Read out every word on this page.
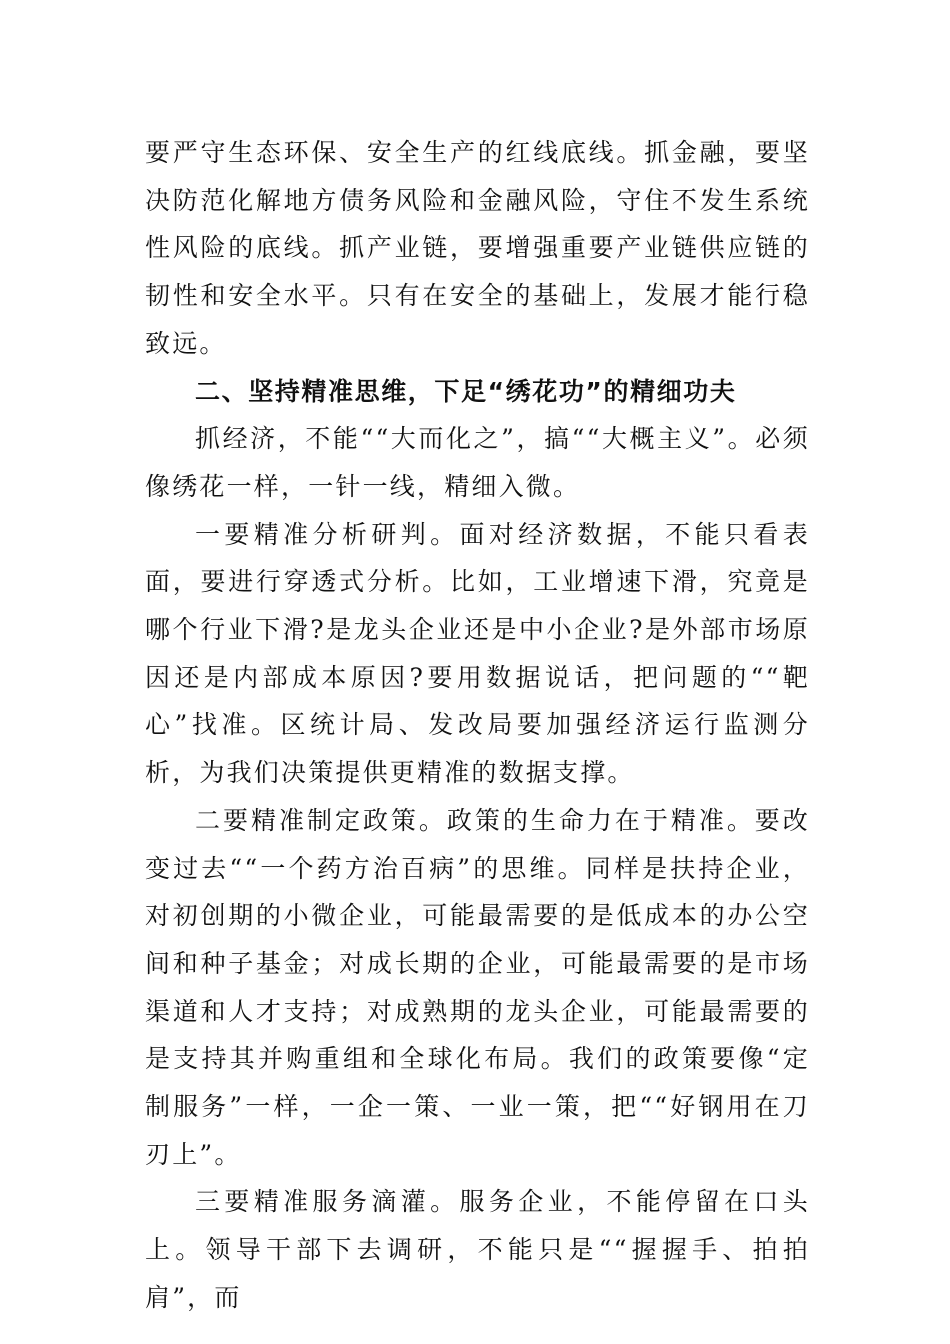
要严守生态环保、安全生产的红线底线。抓金融，要坚决防范化解地方债务风险和金融风险，守住不发生系统性风险的底线。抓产业链，要增强重要产业链供应链的韧性和安全水平。只有在安全的基础上，发展才能行稳致远。

二、坚持精准思维，下足“绣花功”的精细功夫

抓经济，不能““大而化之”，搞““大概主义”。必须像绣花一样，一针一线，精细入微。

一要精准分析研判。面对经济数据，不能只看表面，要进行穿透式分析。比如，工业增速下滑，究竟是哪个行业下滑?是龙头企业还是中小企业?是外部市场原因还是内部成本原因?要用数据说话，把问题的““靶心”找准。区统计局、发改局要加强经济运行监测分析，为我们决策提供更精准的数据支撑。

二要精准制定政策。政策的生命力在于精准。要改变过去““一个药方治百病”的思维。同样是扶持企业，对初创期的小微企业，可能最需要的是低成本的办公空间和种子基金；对成长期的企业，可能最需要的是市场渠道和人才支持；对成熟期的龙头企业，可能最需要的是支持其并购重组和全球化布局。我们的政策要像“定制服务”一样，一企一策、一业一策，把““好钢用在刀刃上”。

三要精准服务滴灌。服务企业，不能停留在口头上。领导干部下去调研，不能只是““握握手、拍拍肩”，而
